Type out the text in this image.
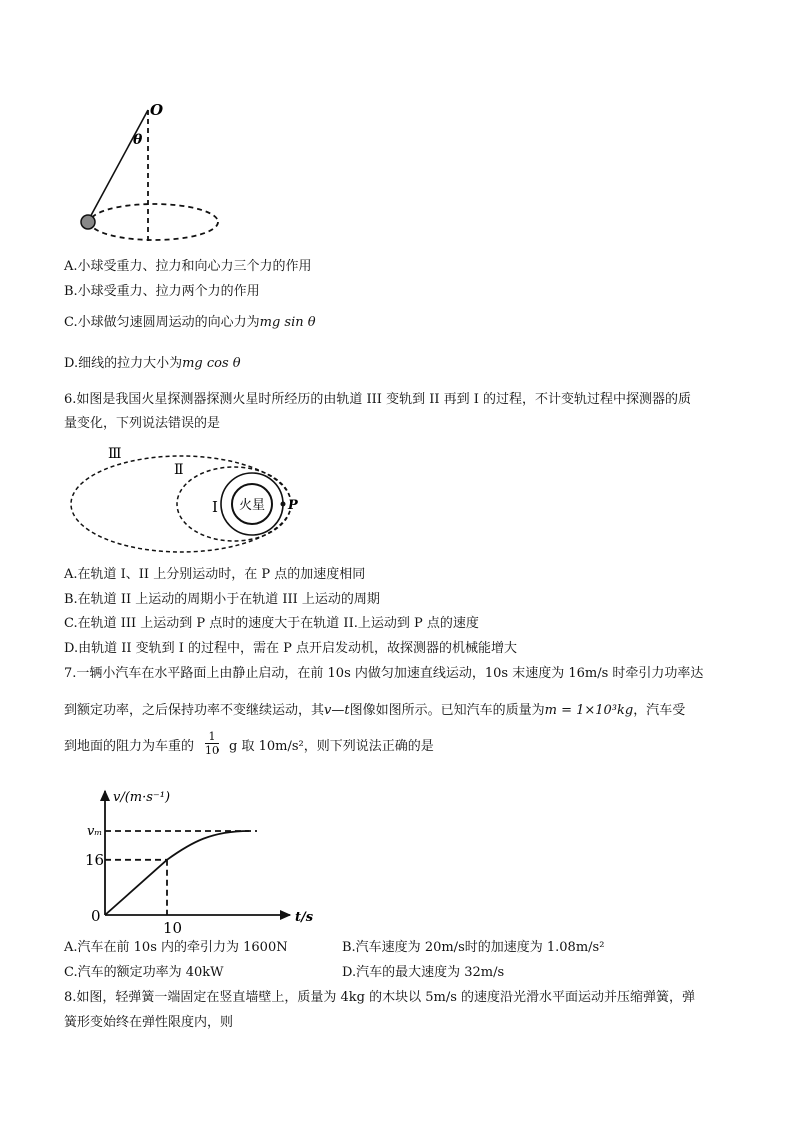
O
θ
A.小球受重力、拉力和向心力三个力的作用
B.小球受重力、拉力两个力的作用
C.小球做匀速圆周运动的向心力为mg sin θ
D.细线的拉力大小为mg cos θ
6.如图是我国火星探测器探测火星时所经历的由轨道 III 变轨到 II 再到 I 的过程，不计变轨过程中探测器的质
量变化，下列说法错误的是
火星 P
Ⅲ
Ⅱ
I
A.在轨道 I、II 上分别运动时，在 P 点的加速度相同
B.在轨道 II 上运动的周期小于在轨道 III 上运动的周期
C.在轨道 III 上运动到 P 点时的速度大于在轨道 II.上运动到 P 点的速度
D.由轨道 II 变轨到 I 的过程中，需在 P 点开启发动机，故探测器的机械能增大
7.一辆小汽车在水平路面上由静止启动，在前 10s 内做匀加速直线运动，10s 末速度为 16m/s 时牵引力功率达
到额定功率，之后保持功率不变继续运动，其v—t图像如图所示。已知汽车的质量为m = 1×10³kg，汽车受
到地面的阻力为车重的 ，g 取 10m/s²，则下列说法正确的是
$\frac{1}{10}$
v/(m·s⁻¹)
t/s
vₘ
16
0
10
A.汽车在前 10s 内的牵引力为 1600N	B.汽车速度为 20m/s时的加速度为 1.08m/s²
C.汽车的额定功率为 40kW	D.汽车的最大速度为 32m/s
8.如图，轻弹簧一端固定在竖直墙壁上，质量为 4kg 的木块以 5m/s 的速度沿光滑水平面运动并压缩弹簧，弹
簧形变始终在弹性限度内，则
